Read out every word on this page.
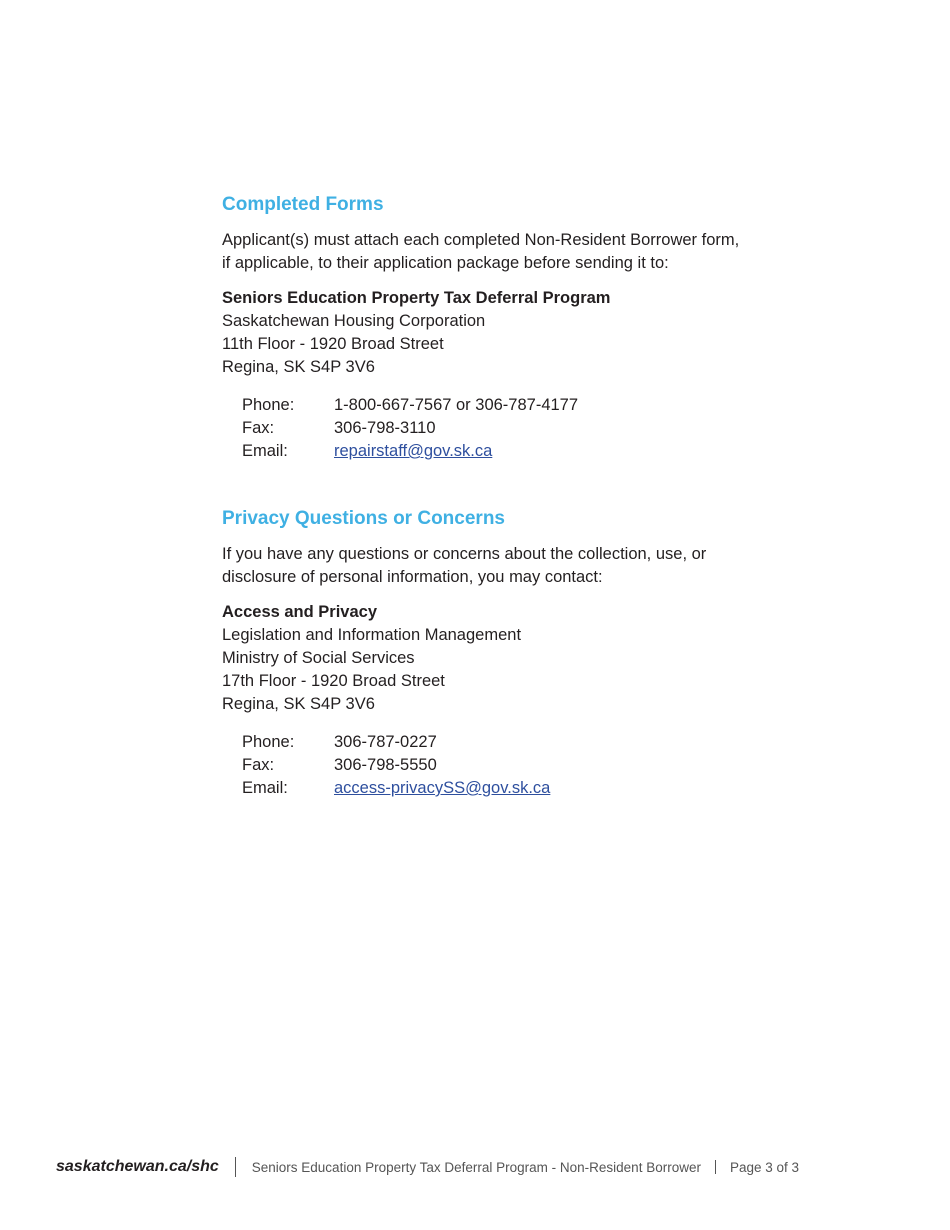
Completed Forms

Applicant(s) must attach each completed Non-Resident Borrower form, if applicable, to their application package before sending it to:

Seniors Education Property Tax Deferral Program
Saskatchewan Housing Corporation
11th Floor - 1920 Broad Street
Regina, SK S4P 3V6
Phone:	1-800-667-7567 or 306-787-4177
Fax:	306-798-3110
Email:	repairstaff@gov.sk.ca
Privacy Questions or Concerns

If you have any questions or concerns about the collection, use, or disclosure of personal information, you may contact:

Access and Privacy
Legislation and Information Management
Ministry of Social Services
17th Floor - 1920 Broad Street
Regina, SK S4P 3V6
Phone:	306-787-0227
Fax:	306-798-5550
Email:	access-privacySS@gov.sk.ca
saskatchewan.ca/shc Seniors Education Property Tax Deferral Program - Non-Resident Borrower Page 3 of 3
